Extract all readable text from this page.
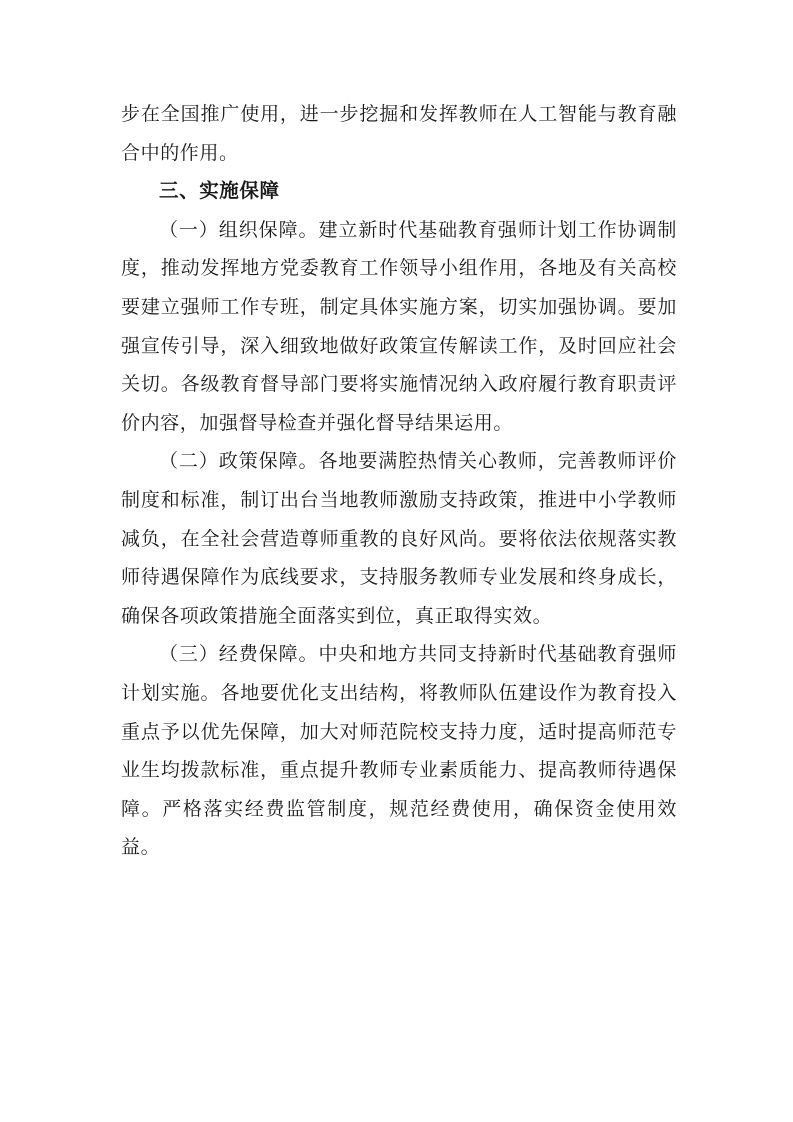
步在全国推广使用，进一步挖掘和发挥教师在人工智能与教育融合中的作用。

三、实施保障

（一）组织保障。建立新时代基础教育强师计划工作协调制度，推动发挥地方党委教育工作领导小组作用，各地及有关高校要建立强师工作专班，制定具体实施方案，切实加强协调。要加强宣传引导，深入细致地做好政策宣传解读工作，及时回应社会关切。各级教育督导部门要将实施情况纳入政府履行教育职责评价内容，加强督导检查并强化督导结果运用。

（二）政策保障。各地要满腔热情关心教师，完善教师评价制度和标准，制订出台当地教师激励支持政策，推进中小学教师减负，在全社会营造尊师重教的良好风尚。要将依法依规落实教师待遇保障作为底线要求，支持服务教师专业发展和终身成长，确保各项政策措施全面落实到位，真正取得实效。

（三）经费保障。中央和地方共同支持新时代基础教育强师计划实施。各地要优化支出结构，将教师队伍建设作为教育投入重点予以优先保障，加大对师范院校支持力度，适时提高师范专业生均拨款标准，重点提升教师专业素质能力、提高教师待遇保障。严格落实经费监管制度，规范经费使用，确保资金使用效益。
